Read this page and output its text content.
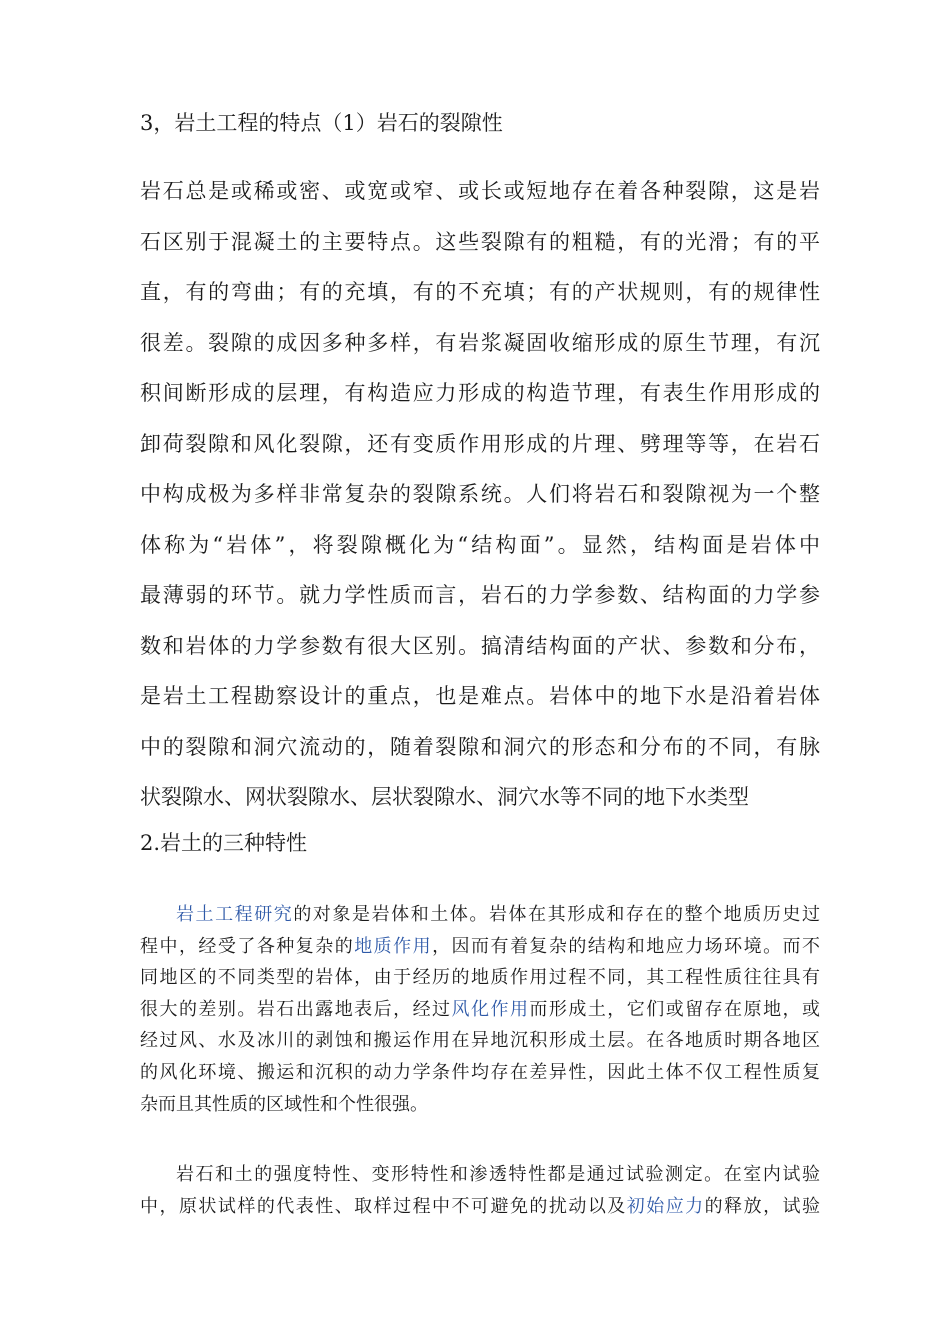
3，岩土工程的特点（1）岩石的裂隙性
岩石总是或稀或密、或宽或窄、或长或短地存在着各种裂隙，这是岩
石区别于混凝土的主要特点。这些裂隙有的粗糙，有的光滑；有的平
直，有的弯曲；有的充填，有的不充填；有的产状规则，有的规律性
很差。裂隙的成因多种多样，有岩浆凝固收缩形成的原生节理，有沉
积间断形成的层理，有构造应力形成的构造节理，有表生作用形成的
卸荷裂隙和风化裂隙，还有变质作用形成的片理、劈理等等，在岩石
中构成极为多样非常复杂的裂隙系统。人们将岩石和裂隙视为一个整
体称为“岩体”，将裂隙概化为“结构面”。显然，结构面是岩体中
最薄弱的环节。就力学性质而言，岩石的力学参数、结构面的力学参
数和岩体的力学参数有很大区别。搞清结构面的产状、参数和分布，
是岩土工程勘察设计的重点，也是难点。岩体中的地下水是沿着岩体
中的裂隙和洞穴流动的，随着裂隙和洞穴的形态和分布的不同，有脉
状裂隙水、网状裂隙水、层状裂隙水、洞穴水等不同的地下水类型
2.岩土的三种特性
岩土工程研究的对象是岩体和土体。岩体在其形成和存在的整个地质历史过
程中，经受了各种复杂的地质作用，因而有着复杂的结构和地应力场环境。而不
同地区的不同类型的岩体，由于经历的地质作用过程不同，其工程性质往往具有
很大的差别。岩石出露地表后，经过风化作用而形成土，它们或留存在原地，或
经过风、水及冰川的剥蚀和搬运作用在异地沉积形成土层。在各地质时期各地区
的风化环境、搬运和沉积的动力学条件均存在差异性，因此土体不仅工程性质复
杂而且其性质的区域性和个性很强。
岩石和土的强度特性、变形特性和渗透特性都是通过试验测定。在室内试验
中，原状试样的代表性、取样过程中不可避免的扰动以及初始应力的释放，试验
